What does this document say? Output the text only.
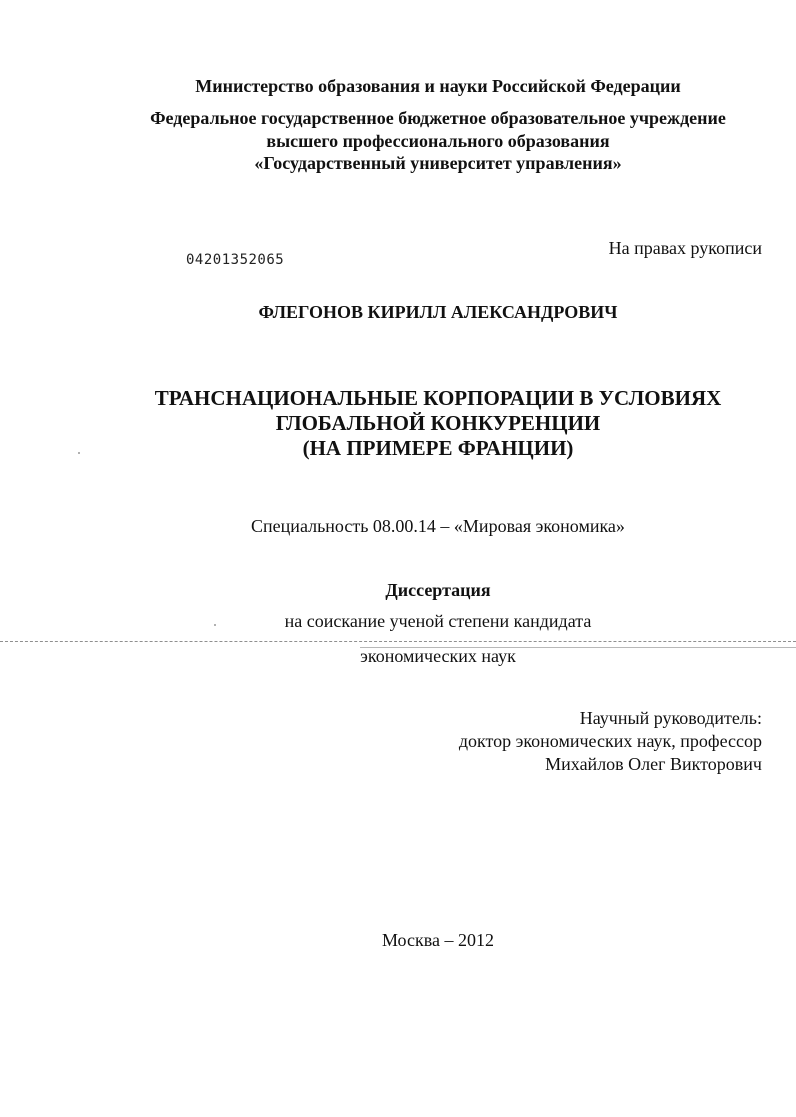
Министерство образования и науки Российской Федерации
Федеральное государственное бюджетное образовательное учреждение
высшего профессионального образования
«Государственный университет управления»
На правах рукописи
04201352065
ФЛЕГОНОВ КИРИЛЛ АЛЕКСАНДРОВИЧ
ТРАНСНАЦИОНАЛЬНЫЕ КОРПОРАЦИИ В УСЛОВИЯХ
ГЛОБАЛЬНОЙ КОНКУРЕНЦИИ
(НА ПРИМЕРЕ ФРАНЦИИ)
Специальность 08.00.14 – «Мировая экономика»
Диссертация
на соискание ученой степени кандидата
экономических наук
Научный руководитель:
доктор экономических наук, профессор
Михайлов Олег Викторович
Москва – 2012
